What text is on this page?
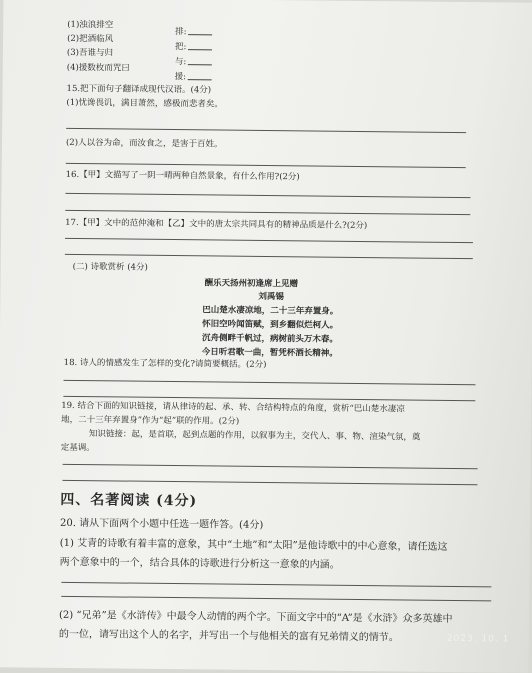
(1)浊浪排空
排:
(2)把酒临风
把:
(3)吾谁与归
与:
(4)援数枚而咒曰
援:
15.把下面句子翻译成现代汉语。(4分)
(1)忧谗畏讥，满目萧然，感极而悲者矣。
(2)人以谷为命，而汝食之，是害于百姓。
16.【甲】文描写了一阴一晴两种自然景象，有什么作用?(2分)
17.【甲】文中的范仲淹和【乙】文中的唐太宗共同具有的精神品质是什么?(2分)
(二) 诗歌赏析 (4分)
酬乐天扬州初逢席上见赠
刘禹锡
巴山楚水凄凉地，二十三年弃置身。
怀旧空吟闻笛赋，到乡翻似烂柯人。
沉舟侧畔千帆过，病树前头万木春。
今日听君歌一曲，暂凭杯酒长精神。
18. 诗人的情感发生了怎样的变化?请简要概括。(2分)
19. 结合下面的知识链接，请从律诗的起、承、转、合结构特点的角度，赏析“巴山楚水凄凉
地，二十三年弃置身”作为“起”联的作用。(2分)
知识链接：起，是首联，起到点题的作用，以叙事为主，交代人、事、物、渲染气氛，奠
定基调。
四、名著阅读 (4分)
20. 请从下面两个小题中任选一题作答。(4分)
(1) 艾青的诗歌有着丰富的意象，其中“土地”和“太阳”是他诗歌中的中心意象，请任选这
两个意象中的一个，结合具体的诗歌进行分析这一意象的内涵。
(2) “兄弟”是《水浒传》中最令人动情的两个字。下面文字中的“A”是《水浒》众多英雄中
的一位，请写出这个人的名字，并写出一个与他相关的富有兄弟情义的情节。	2023. 10. 1
